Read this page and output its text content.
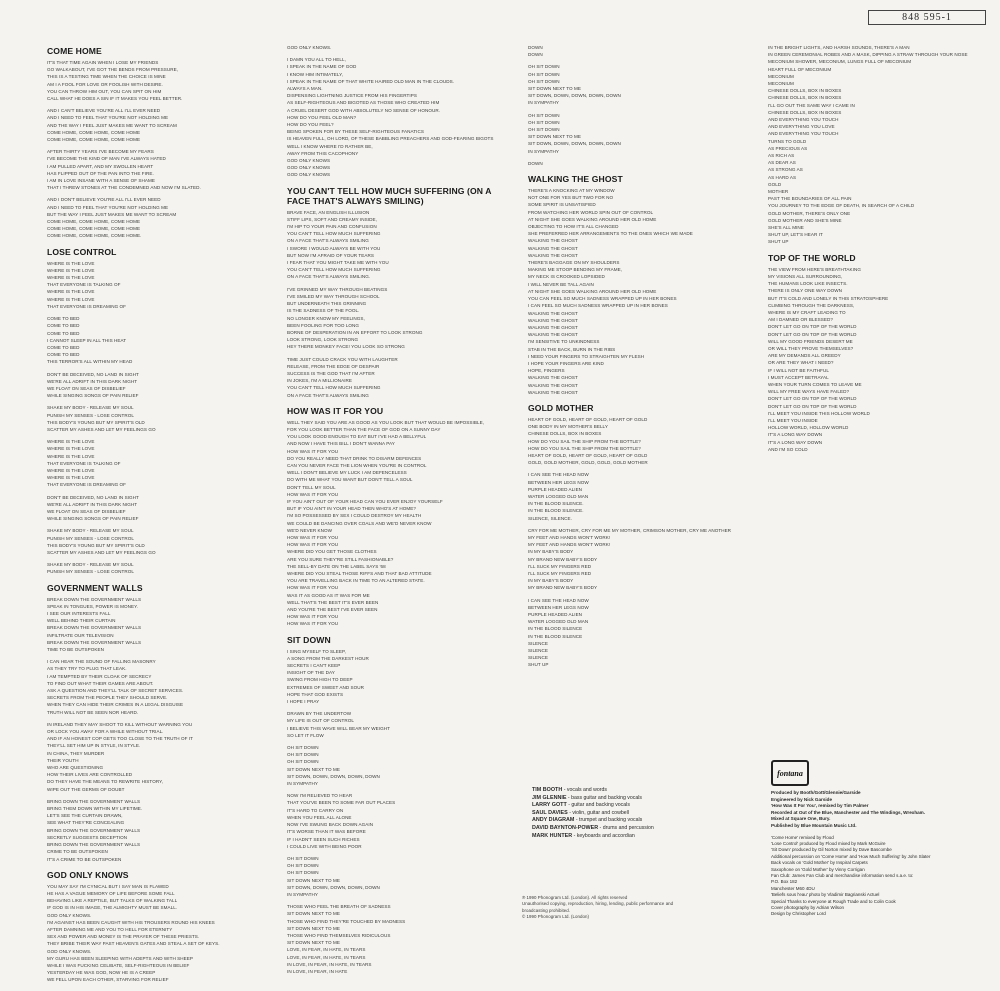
848 595-1
COME HOME
IT'S THAT TIME AGAIN WHEN I LOSE MY FRIENDS
GO WALKABOUT, I'VE GOT THE BENDS FROM PRESSURE,
THIS IS A TESTING TIME WHEN THE CHOICE IS MINE
AM I A FOOL FOR LOVE OR FOOLISH WITH DESIRE.
YOU CAN THROW HIM OUT, YOU CAN SPIT ON HIM
CALL WHAT HE DOES A SIN IF IT MAKES YOU FEEL BETTER.
AND I CAN'T BELIEVE YOU'RE ALL I'LL EVER NEED
AND I NEED TO FEEL THAT YOU'RE NOT HOLDING ME
AND THE WAY I FEEL JUST MAKES ME WANT TO SCREAM
COME HOME, COME HOME, COME HOME
COME HOME, COME HOME, COME HOME
AFTER THIRTY YEARS I'VE BECOME MY FEARS
I'VE BECOME THE KIND OF MAN I'VE ALWAYS HATED
I AM PULLED APART, AND MY SWOLLEN HEART
HAS FLIPPED OUT OF THE PAN INTO THE FIRE.
I AM IN LOVE INSANE WITH A SENSE OF SHAME
THAT I THREW STONES AT THE CONDEMNED AND NOW I'M SLATED.
AND I DON'T BELIEVE YOU'RE ALL I'LL EVER NEED
AND I NEED TO FEEL THAT YOU'RE NOT HOLDING ME
BUT THE WAY I FEEL JUST MAKES ME WANT TO SCREAM
COME HOME, COME HOME, COME HOME
COME HOME, COME HOME, COME HOME
COME HOME, COME HOME, COME HOME.
LOSE CONTROL
WHERE IS THE LOVE
WHERE IS THE LOVE
WHERE IS THE LOVE
THAT EVERYONE IS TALKING OF
WHERE IS THE LOVE
WHERE IS THE LOVE
THAT EVERYONE IS DREAMING OF
COME TO BED
COME TO BED
COME TO BED
I CANNOT SLEEP IN ALL THIS HEAT
COME TO BED
COME TO BED
THIS TERROR'S ALL WITHIN MY HEAD
DON'T BE DECEIVED, NO LAND IN SIGHT
WE'RE ALL ADRIFT IN THIS DARK NIGHT
WE FLOAT ON SEAS OF DISBELIEF
WHILE SINGING SONGS OF PAIN RELIEF
SHAKE MY BODY - RELEASE MY SOUL
PUNISH MY SENSES - LOSE CONTROL
THIS BODY'S YOUNG BUT MY SPIRIT'S OLD
SCATTER MY ASHES AND LET MY FEELINGS GO
WHERE IS THE LOVE
WHERE IS THE LOVE
WHERE IS THE LOVE
THAT EVERYONE IS TALKING OF
WHERE IS THE LOVE
WHERE IS THE LOVE
THAT EVERYONE IS DREAMING OF
DON'T BE DECEIVED, NO LAND IN SIGHT
WE'RE ALL ADRIFT IN THIS DARK NIGHT
WE FLOAT ON SEAS OF DISBELIEF
WHILE SINGING SONGS OF PAIN RELIEF
SHAKE MY BODY - RELEASE MY SOUL
PUNISH MY SENSES - LOSE CONTROL
THIS BODY'S YOUNG BUT MY SPIRIT'S OLD
SCATTER MY ASHES AND LET MY FEELINGS GO
SHAKE MY BODY - RELEASE MY SOUL
PUNISH MY SENSES - LOSE CONTROL
GOVERNMENT WALLS
BREAK DOWN THE GOVERNMENT WALLS
SPEAK IN TONGUES, POWER IS MONEY.
I SEE OUR INTERESTS FALL
WELL BEHIND THEIR CURTAIN
BREAK DOWN THE GOVERNMENT WALLS
INFILTRATE OUR TELEVISION
BREAK DOWN THE GOVERNMENT WALLS
TIME TO BE OUTSPOKEN
I CAN HEAR THE SOUND OF FALLING MASONRY
AS THEY TRY TO PLUG THAT LEAK.
I AM TEMPTED BY THEIR CLOAK OF SECRECY
TO FIND OUT WHAT THEIR GAMES ARE ABOUT.
ASK A QUESTION AND THEY'LL TALK OF SECRET SERVICES.
SECRETS FROM THE PEOPLE THEY SHOULD SERVE.
WHEN THEY CAN HIDE THEIR CRIMES IN A LEGAL DISGUISE
TRUTH WILL NOT BE SEEN NOR HEARD.
IN IRELAND THEY MAY SHOOT TO KILL WITHOUT WARNING YOU
OR LOCK YOU AWAY FOR A WHILE WITHOUT TRIAL.
AND IF AN HONEST COP GETS TOO CLOSE TO THE TRUTH OF IT
THEY'LL SET HIM UP IN STYLE, IN STYLE.
IN CHINA, THEY MURDER
THEIR YOUTH
WHO ARE QUESTIONING
HOW THEIR LIVES ARE CONTROLLED
DO THEY HAVE THE MEANS TO REWRITE HISTORY,
WIPE OUT THE GERMS OF DOUBT
BRING DOWN THE GOVERNMENT WALLS
BRING THEM DOWN WITHIN MY LIFETIME.
LET'S SEE THE CURTAIN DRAWN,
SEE WHAT THEY'RE CONCEALING
BRING DOWN THE GOVERNMENT WALLS
SECRETLY SUGGESTS DECEPTION
BRING DOWN THE GOVERNMENT WALLS
CRIME TO BE OUTSPOKEN
IT'S A CRIME TO BE OUTSPOKEN
GOD ONLY KNOWS
YOU MAY SAY I'M CYNICAL BUT I SAY MAN IS FLAWED
HE HAS A VAGUE MEMORY OF LIFE BEFORE SOME FALL
BEHAVING LIKE A REPTILE, BUT TALKS OF WALKING TALL
IF GOD IS IN HIS IMAGE, THE ALMIGHTY MUST BE SMALL.
GOD ONLY KNOWS.
I'M AGAINST HAS BEEN CAUGHT WITH HIS TROUSERS ROUND HIS KNEES
AFTER DAMNING ME AND YOU TO HELL FOR ETERNITY
SEX AND POWER AND MONEY IS THE PRAYER OF THESE PRIESTS.
THEY BRIBE THEIR WAY PAST HEAVEN'S GATES AND STEAL A SET OF KEYS.
GOD ONLY KNOWS.
MY GURU HAS BEEN SLEEPING WITH ADEPTS AND WITH SHEEP
WHILE I WAS FUCKING CELIBATE, SELF-RIGHTEOUS IN BELIEF
YESTERDAY HE WAS GOD, NOW HE IS A CREEP
WE FELL UPON EACH OTHER, STARVING FOR RELIEF
GOD ONLY KNOWS.
I DAMN YOU ALL TO HELL,
I SPEAK IN THE NAME OF GOD
I KNOW HIM INTIMATELY,
I SPEAK IN THE NAME OF THAT WHITE HAIRED OLD MAN IN THE CLOUDS.
ALWAYS A MAN.
DISPENSING LIGHTNING JUSTICE FROM HIS FINGERTIPS
AS SELF-RIGHTEOUS AND BIGOTED AS THOSE WHO CREATED HIM
A CRUEL DESERT GOD WITH ABSOLUTELY NO SENSE OF HONOUR.
HOW DO YOU FEEL OLD MAN?
HOW DO YOU FEEL?
BEING SPOKEN FOR BY THESE SELF-RIGHTEOUS FANATICS
IS HEAVEN FULL, OH LORD, OF THESE BABBLING PREACHERS AND GOD-FEARING BIGOTS
WELL I KNOW WHERE I'D RATHER BE,
AWAY FROM THIS CACOPHONY
GOD ONLY KNOWS
GOD ONLY KNOWS
GOD ONLY KNOWS
YOU CAN'T TELL HOW MUCH SUFFERING (ON A FACE THAT'S ALWAYS SMILING)
BRAVE FACE, AN ENGLISH ILLUSION
STIFF LIPS, SOFT AND CREAMY INSIDE,
I'M HIP TO YOUR PAIN AND CONFUSION
YOU CAN'T TELL HOW MUCH SUFFERING
ON A FACE THAT'S ALWAYS SMILING
I SWORE I WOULD ALWAYS BE WITH YOU
BUT NOW I'M AFRAID OF YOUR TEARS
I FEAR THAT YOU MIGHT TAKE ME WITH YOU
YOU CAN'T TELL HOW MUCH SUFFERING
ON A FACE THAT'S ALWAYS SMILING.
I'VE GRINNED MY WAY THROUGH BEATINGS
I'VE SMILED MY WAY THROUGH SCHOOL
BUT UNDERNEATH THIS GRINNING
IS THE SADNESS OF THE FOOL.
NO LONGER KNOW MY FEELINGS,
BEEN FOOLING FOR TOO LONG
BORNE OF DESPERATION IN AN EFFORT TO LOOK STRONG
LOOK STRONG, LOOK STRONG
HEY THERE MONKEY FACE! YOU LOOK SO STRONG
TIME JUST COULD CRACK YOU WITH LAUGHTER
RELEASE, FROM THE EDGE OF DESPAIR
SUCCESS IS THE GOD THAT I'M AFTER
IN JOKES, I'M A MILLIONAIRE
YOU CAN'T TELL HOW MUCH SUFFERING
ON A FACE THAT'S ALWAYS SMILING
HOW WAS IT FOR YOU
WELL THEY SAID YOU ARE AS GOOD AS YOU LOOK BUT THAT WOULD BE IMPOSSIBLE,
FOR YOU LOOK BETTER THAN THE FACE OF GOD ON A SUNNY DAY
YOU LOOK GOOD ENOUGH TO EAT BUT I'VE HAD A BELLYFUL
AND NOW I HAVE THIS BILL I DON'T WANNA PAY
HOW WAS IT FOR YOU
DO YOU REALLY NEED THAT DRINK TO DISARM DEFENCES
CAN YOU NEVER FACE THE LION WHEN YOU'RE IN CONTROL
WELL I DON'T BELIEVE MY LUCK I AM DEFENCELESS
DO WITH ME WHAT YOU WANT BUT DON'T TELL A SOUL
DON'T TELL MY SOUL
HOW WAS IT FOR YOU
IF YOU AIN'T OUT OF YOUR HEAD CAN YOU EVER ENJOY YOURSELF
BUT IF YOU AIN'T IN YOUR HEAD THEN WHO'S AT HOME?
I'M SO POSSESSED BY SEX I COULD DESTROY MY HEALTH
WE COULD BE DANCING OVER COALS AND WE'D NEVER KNOW
WE'D NEVER KNOW
HOW WAS IT FOR YOU
HOW WAS IT FOR YOU
WHERE DID YOU GET THOSE CLOTHES
ARE YOU SURE THEY'RE STILL FASHIONABLE?
THE SELL-BY DATE ON THE LABEL SAYS '68
WHERE DID YOU STEAL THOSE RIFFS AND THAT BAD ATTITUDE
YOU ARE TRAVELLING BACK IN TIME TO AN ALTERED STATE.
HOW WAS IT FOR YOU
WAS IT AS GOOD AS IT WAS FOR ME
WELL THAT'S THE BEST IT'S EVER BEEN
AND YOU'RE THE BEST I'VE EVER SEEN
HOW WAS IT FOR YOU
HOW WAS IT FOR YOU
SIT DOWN
I SING MYSELF TO SLEEP,
A SONG FROM THE DARKEST HOUR
SECRETS I CAN'T KEEP
INSIGHT OF THE DAY
SWING FROM HIGH TO DEEP
EXTREMES OF SWEET AND SOUR
HOPE THAT GOD EXISTS
I HOPE I PRAY
DRAWN BY THE UNDERTOW
MY LIFE IS OUT OF CONTROL
I BELIEVE THIS WAVE WILL BEAR MY WEIGHT
SO LET IT FLOW
OH SIT DOWN
OH SIT DOWN
OH SIT DOWN
SIT DOWN NEXT TO ME
SIT DOWN, DOWN, DOWN, DOWN, DOWN
IN SYMPATHY
NOW I'M RELIEVED TO HEAR
THAT YOU'VE BEEN TO SOME FAR OUT PLACES
IT'S HARD TO CARRY ON
WHEN YOU FEEL ALL ALONE
NOW I'VE SWUNG BACK DOWN AGAIN
IT'S WORSE THAN IT WAS BEFORE
IF I HADN'T SEEN SUCH RICHES
I COULD LIVE WITH BEING POOR
OH SIT DOWN
OH SIT DOWN
OH SIT DOWN
SIT DOWN NEXT TO ME
SIT DOWN, DOWN, DOWN, DOWN, DOWN
IN SYMPATHY
THOSE WHO FEEL THE BREATH OF SADNESS
SIT DOWN NEXT TO ME
THOSE WHO FIND THEY'RE TOUCHED BY MADNESS
SIT DOWN NEXT TO ME
THOSE WHO FIND THEMSELVES RIDICULOUS
SIT DOWN NEXT TO ME
LOVE, IN FEAR, IN HATE, IN TEARS
LOVE, IN FEAR, IN HATE, IN TEARS
IN LOVE, IN FEAR, IN HATE, IN TEARS
IN LOVE, IN FEAR, IN HATE
DOWN
DOWN
OH SIT DOWN
OH SIT DOWN
OH SIT DOWN
SIT DOWN NEXT TO ME
SIT DOWN, DOWN, DOWN, DOWN, DOWN
IN SYMPATHY
OH SIT DOWN
OH SIT DOWN
OH SIT DOWN
SIT DOWN NEXT TO ME
SIT DOWN, DOWN, DOWN, DOWN, DOWN
IN SYMPATHY
DOWN
WALKING THE GHOST
THERE'S A KNOCKING AT MY WINDOW
NOT ONE FOR YES BUT TWO FOR NO
SOME SPIRIT IS UNSATISFIED
FROM WATCHING HER WORLD SPIN OUT OF CONTROL
AT NIGHT SHE GOES WALKING AROUND HER OLD HOME
OBJECTING TO HOW IT'S ALL CHANGED
SHE PREFERRED HER ARRANGEMENTS TO THE ONES WHICH WE MADE
WALKING THE GHOST
WALKING THE GHOST
WALKING THE GHOST
THERE'S BAGGAGE ON MY SHOULDERS
MAKING ME STOOP BENDING MY FRAME,
MY NECK IS CROOKED LOPSIDED
I WILL NEVER BE TALL AGAIN
AT NIGHT SHE GOES WALKING AROUND HER OLD HOME
YOU CAN FEEL SO MUCH SADNESS WRAPPED UP IN HER BONES
I CAN FEEL SO MUCH SADNESS WRAPPED UP IN HER BONES
WALKING THE GHOST
WALKING THE GHOST
WALKING THE GHOST
WALKING THE GHOST
I'M SENSITIVE TO UNKINDNESS
STAB IN THE BACK, BURN IN THE RIBS
I NEED YOUR FINGERS TO STRAIGHTEN MY FLESH
I HOPE YOUR FINGERS ARE KIND
HOPE, FINGERS
WALKING THE GHOST
WALKING THE GHOST
WALKING THE GHOST
GOLD MOTHER
HEART OF GOLD, HEART OF GOLD, HEART OF GOLD
ONE BODY IN MY MOTHER'S BELLY
CHINESE DOLLS, BOX IN BOXES
HOW DO YOU SAIL THE SHIP FROM THE BOTTLE?
HOW DO YOU SAIL THE SHIP FROM THE BOTTLE?
HEART OF GOLD, HEART OF GOLD, HEART OF GOLD
GOLD, GOLD MOTHER, GOLD, GOLD, GOLD MOTHER
I CAN SEE THE HEAD NOW
BETWEEN HER LEGS NOW
PURPLE HEADED ALIEN
WATER LOGGED OLD MAN
IN THE BLOOD SILENCE.
IN THE BLOOD SILENCE.
SILENCE, SILENCE.
CRY FOR ME MOTHER, CRY FOR ME MY MOTHER, CRIMSON MOTHER, CRY ME ANOTHER
MY FEET AND HANDS WON'T WORK!
MY FEET AND HANDS WON'T WORK!
IN MY BABY'S BODY
MY BRAND NEW BABY'S BODY
I'LL SUCK MY FINGERS RED
I'LL SUCK MY FINGERS RED
IN MY BABY'S BODY
MY BRAND NEW BABY'S BODY
I CAN SEE THE HEAD NOW
BETWEEN HER LEGS NOW
PURPLE HEADED ALIEN
WATER LOGGED OLD MAN
IN THE BLOOD SILENCE
IN THE BLOOD SILENCE
SILENCE
SILENCE
SILENCE
SHUT UP
IN THE BRIGHT LIGHTS, AND HARSH SOUNDS, THERE'S A MAN
IN GREEN CEREMONIAL ROBES AND A MASK, DIPPING A STRAW THROUGH YOUR NOSE
MECONIUM SHOWER, MECONIUM, LUNGS FULL OF MECONIUM
HEART FULL OF MECONIUM
MECONIUM
MECONIUM
CHINESE DOLLS, BOX IN BOXES
CHINESE DOLLS, BOX IN BOXES
I'LL GO OUT THE SAME WAY I CAME IN
CHINESE DOLLS, BOX IN BOXES
AND EVERYTHING YOU TOUCH
AND EVERYTHING YOU LOVE
AND EVERYTHING YOU TOUCH
TURNS TO GOLD
AS PRECIOUS AS
AS RICH AS
AS DEAR AS
AS STRONG AS
AS HARD AS
GOLD
MOTHER
PAST THE BOUNDARIES OF ALL PAIN
YOU JOURNEY TO THE EDGE OF DEATH, IN SEARCH OF A CHILD
GOLD MOTHER, THERE'S ONLY ONE
GOLD MOTHER AND SHE'S MINE
SHE'S ALL MINE
SHUT UP, LET'S HEAR IT
SHUT UP
TOP OF THE WORLD
THE VIEW FROM HERE'S BREATHTAKING
MY VISIONS ALL SURROUNDING,
THE HUMANS LOOK LIKE INSECTS.
THERE IS ONLY ONE WAY DOWN
BUT IT'S COLD AND LONELY IN THIS STRATOSPHERE
CLIMBING THROUGH THE DARKNESS,
WHERE IS MY CRAFT LEADING TO
AM I DAMNED OR BLESSED?
DON'T LET GO ON TOP OF THE WORLD
DON'T LET GO ON TOP OF THE WORLD
WILL MY GOOD FRIENDS DESERT ME
OR WILL THEY PROVE THEMSELVES?
ARE MY DEMANDS ALL GREEDY
OR ARE THEY WHAT I NEED?
IF I WILL NOT BE FAITHFUL
I MUST ACCEPT BETRAYAL
WHEN YOUR TURN COMES TO LEAVE ME
WILL MY FREE WAYS HAVE FAILED?
DON'T LET GO ON TOP OF THE WORLD
DON'T LET GO ON TOP OF THE WORLD
I'LL MEET YOU INSIDE THIS HOLLOW WORLD
I'LL MEET YOU INSIDE
HOLLOW WORLD, HOLLOW WORLD
IT'S A LONG WAY DOWN
IT'S A LONG WAY DOWN
AND I'M SO COLD
TIM BOOTH - vocals and words
JIM GLENNIE - bass guitar and backing vocals
LARRY GOTT - guitar and backing vocals
SAUL DAVIES - violin, guitar and cowbell
ANDY DIAGRAM - trumpet and backing vocals
DAVID BAYNTON-POWER - drums and percussion
MARK HUNTER - keyboards and accordian
℗ 1990 Phonogram Ltd. (London). All rights reserved
Unauthorised copying, reproduction, hiring, lending, public performance and
broadcasting prohibited.
© 1990 Phonogram Ltd. (London)
fontana
Produced by Booth/Gott/Glennie/Garside
Engineered by Nick Garside
'How Was It For You', remixed by Tim Palmer
Recorded at Out of the Blue, Manchester and The Windings, Wrexham.
Mixed at Square One, Bury.
Published by Blue Mountain Music Ltd.
'Come Home' remixed by Flood
'Lose Control' produced by Flood mixed by Mark McGuire
'Sit Down' produced by Gil Norton mixed by Dave Bascombe
Additional percussion on 'Come Home' and 'How Much Suffering' by John Slater
Back vocals on 'Gold Mother' by Inspiral Carpets
Saxophone on 'Gold Mother' by Vinny Corrigan
Fan Club: James Fan Club and merchandise information send s.a.e. to:
P.O. Box 182
Manchester M60 4DU
'Beliefs sous l'eau' photo by Vladimir Bagrianski Actuel
Special Thanks to everyone at Rough Trade and to Colin Cook
Cover photography by Adrian Wilson
Design by Christopher Lord
